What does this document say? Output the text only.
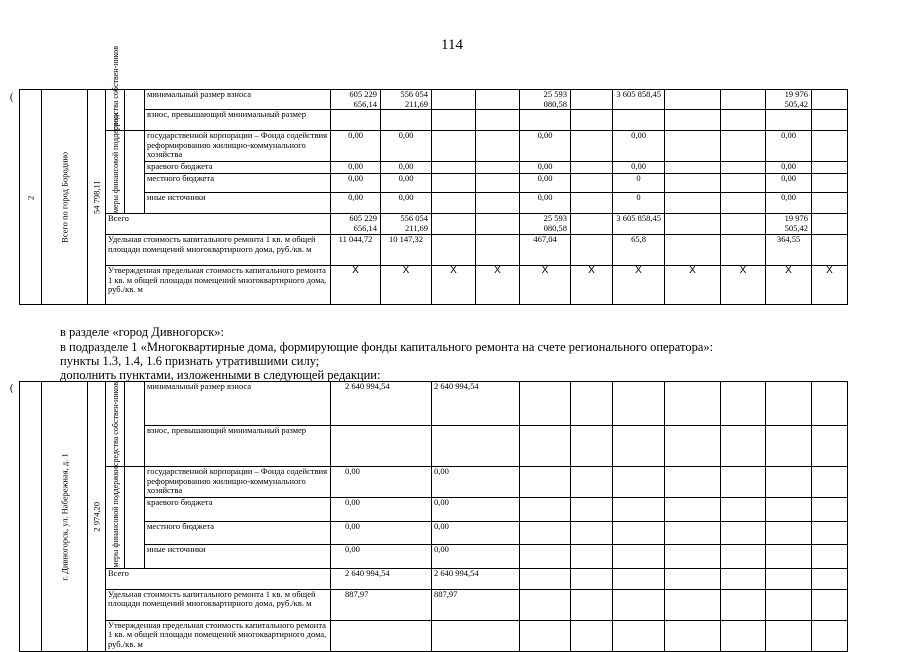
114
(
(
2	Всего по город Бородино	54 798,11	средства собствен-ников		минимальный размер взноса	605 229 656,14	556 054 211,69			25 593 080,58		3 605 858,45			19 976 505,42	
					взнос, превышающий минимальный размер											
			меры финансовой поддержки		государственной корпорации – Фонда содействия реформированию жилищно-коммунального хозяйства	0,00	0,00			0,00		0,00			0,00	
					краевого бюджета	0,00	0,00			0,00		0,00			0,00	
					местного бюджета	0,00	0,00			0,00		0			0,00	
					иные источники	0,00	0,00			0,00		0			0,00	
			Всего			605 229 656,14	556 054 211,69			25 593 080,58		3 605 858,45			19 976 505,42	
			Удельная стоимость капитального ремонта 1 кв. м общей площади помещений многоквартирного дома, руб./кв. м			11 044,72	10 147,32			467,04		65,8			364,55	
			Утвержденная предельная стоимость капитального ремонта 1 кв. м общей площади помещений многоквартирного дома, руб./кв. м			X	X	X	X	X	X	X	X	X	X	X
в разделе «город Дивногорск»:
в подразделе 1 «Многоквартирные дома, формирующие фонды капитального ремонта на счете регионального оператора»:
пункты 1.3, 1.4, 1.6 признать утратившими силу;
дополнить пунктами, изложенными в следующей редакции:
	г. Дивногорск, ул. Набережная, д. 1	2 974,20	средства собствен-ников		минимальный размер взноса	2 640 994,54	2 640 994,54							
					взнос, превышающий минимальный размер									
			меры финансовой поддержки		государственной корпорации – Фонда содействия реформированию жилищно-коммунального хозяйства	0,00	0,00							
					краевого бюджета	0,00	0,00							
					местного бюджета	0,00	0,00							
					иные источники	0,00	0,00							
			Всего			2 640 994,54	2 640 994,54							
			Удельная стоимость капитального ремонта 1 кв. м общей площади помещений многоквартирного дома, руб./кв. м			887,97	887,97							
			Утвержденная предельная стоимость капитального ремонта 1 кв. м общей площади помещений многоквартирного дома, руб./кв. м											
